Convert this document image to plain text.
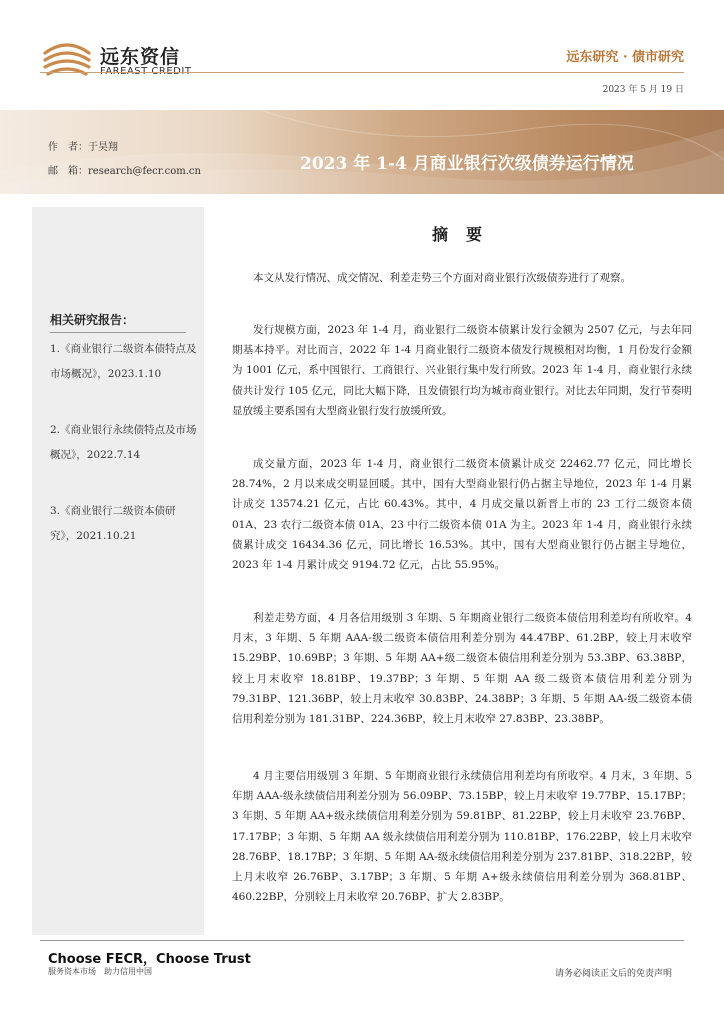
远东资信	远东研究 · 债市研究
2023 年 5 月 19 日
作　者：于昊翔
邮　箱：research@fecr.com.cn	2023 年 1-4 月商业银行次级债券运行情况
相关研究报告：
1.《商业银行二级资本债特点及市场概况》，2023.1.10
2.《商业银行永续债特点及市场概况》，2022.7.14
3.《商业银行二级资本债研究》，2021.10.21
摘要

本文从发行情况、成交情况、利差走势三个方面对商业银行次级债券进行了观察。

发行规模方面，2023 年 1-4 月，商业银行二级资本债累计发行金额为 2507 亿元，与去年同期基本持平。对比而言，2022 年 1-4 月商业银行二级资本债发行规模相对均衡，1 月份发行金额为 1001 亿元，系中国银行、工商银行、兴业银行集中发行所致。2023 年 1-4 月，商业银行永续债共计发行 105 亿元，同比大幅下降，且发债银行均为城市商业银行。对比去年同期，发行节奏明显放缓主要系国有大型商业银行发行放缓所致。

成交量方面，2023 年 1-4 月，商业银行二级资本债累计成交 22462.77 亿元，同比增长 28.74%，2 月以来成交明显回暖。其中，国有大型商业银行仍占据主导地位，2023 年 1-4 月累计成交 13574.21 亿元，占比 60.43%。其中，4 月成交量以新晋上市的 23 工行二级资本债 01A、23 农行二级资本债 01A、23 中行二级资本债 01A 为主。2023 年 1-4 月，商业银行永续债累计成交 16434.36 亿元，同比增长 16.53%。其中，国有大型商业银行仍占据主导地位，2023 年 1-4 月累计成交 9194.72 亿元，占比 55.95%。

利差走势方面，4 月各信用级别 3 年期、5 年期商业银行二级资本债信用利差均有所收窄。4 月末，3 年期、5 年期 AAA-级二级资本债信用利差分别为 44.47BP、61.2BP，较上月末收窄 15.29BP、10.69BP；3 年期、5 年期 AA+级二级资本债信用利差分别为 53.3BP、63.38BP，较上月末收窄 18.81BP、19.37BP；3 年期、5 年期 AA 级二级资本债信用利差分别为 79.31BP、121.36BP，较上月末收窄 30.83BP、24.38BP；3 年期、5 年期 AA-级二级资本债信用利差分别为 181.31BP、224.36BP，较上月末收窄 27.83BP、23.38BP。

4 月主要信用级别 3 年期、5 年期商业银行永续债信用利差均有所收窄。4 月末，3 年期、5 年期 AAA-级永续债信用利差分别为 56.09BP、73.15BP，较上月末收窄 19.77BP、15.17BP；3 年期、5 年期 AA+级永续债信用利差分别为 59.81BP、81.22BP，较上月末收窄 23.76BP、17.17BP；3 年期、5 年期 AA 级永续债信用利差分别为 110.81BP、176.22BP，较上月末收窄 28.76BP、18.17BP；3 年期、5 年期 AA-级永续债信用利差分别为 237.81BP、318.22BP，较上月末收窄 26.76BP、3.17BP；3 年期、5 年期 A+级永续债信用利差分别为 368.81BP、460.22BP，分别较上月末收窄 20.76BP、扩大 2.83BP。

Choose FECR，Choose Trust
服务资本市场　助力信用中国	请务必阅读正文后的免责声明
